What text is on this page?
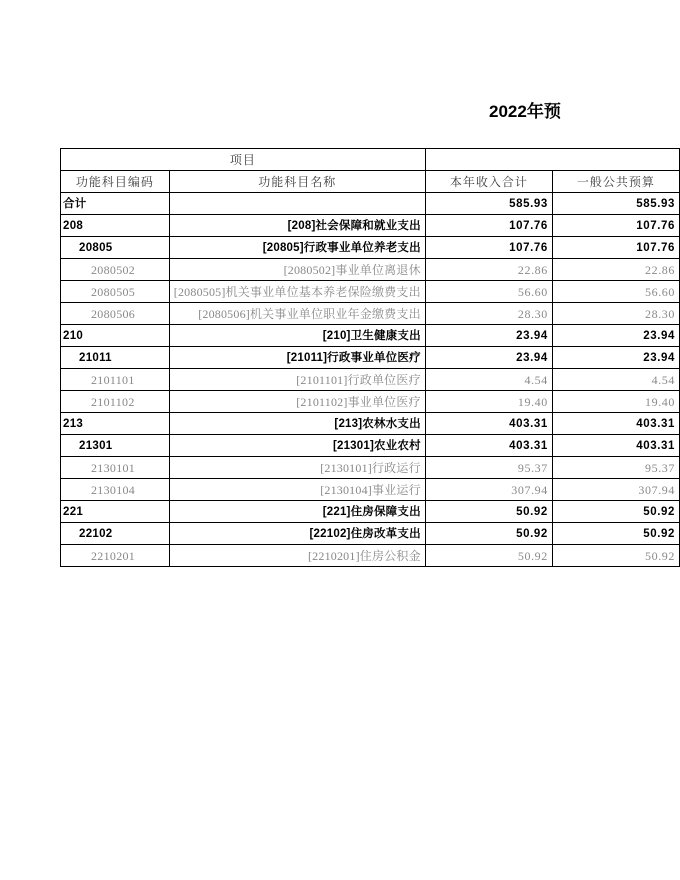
2022年预
项目			
功能科目编码	功能科目名称	本年收入合计	一般公共预算
合计		585.93	585.93
208	[208]社会保障和就业支出	107.76	107.76
20805	[20805]行政事业单位养老支出	107.76	107.76
2080502	[2080502]事业单位离退休	22.86	22.86
2080505	[2080505]机关事业单位基本养老保险缴费支出	56.60	56.60
2080506	[2080506]机关事业单位职业年金缴费支出	28.30	28.30
210	[210]卫生健康支出	23.94	23.94
21011	[21011]行政事业单位医疗	23.94	23.94
2101101	[2101101]行政单位医疗	4.54	4.54
2101102	[2101102]事业单位医疗	19.40	19.40
213	[213]农林水支出	403.31	403.31
21301	[21301]农业农村	403.31	403.31
2130101	[2130101]行政运行	95.37	95.37
2130104	[2130104]事业运行	307.94	307.94
221	[221]住房保障支出	50.92	50.92
22102	[22102]住房改革支出	50.92	50.92
2210201	[2210201]住房公积金	50.92	50.92
